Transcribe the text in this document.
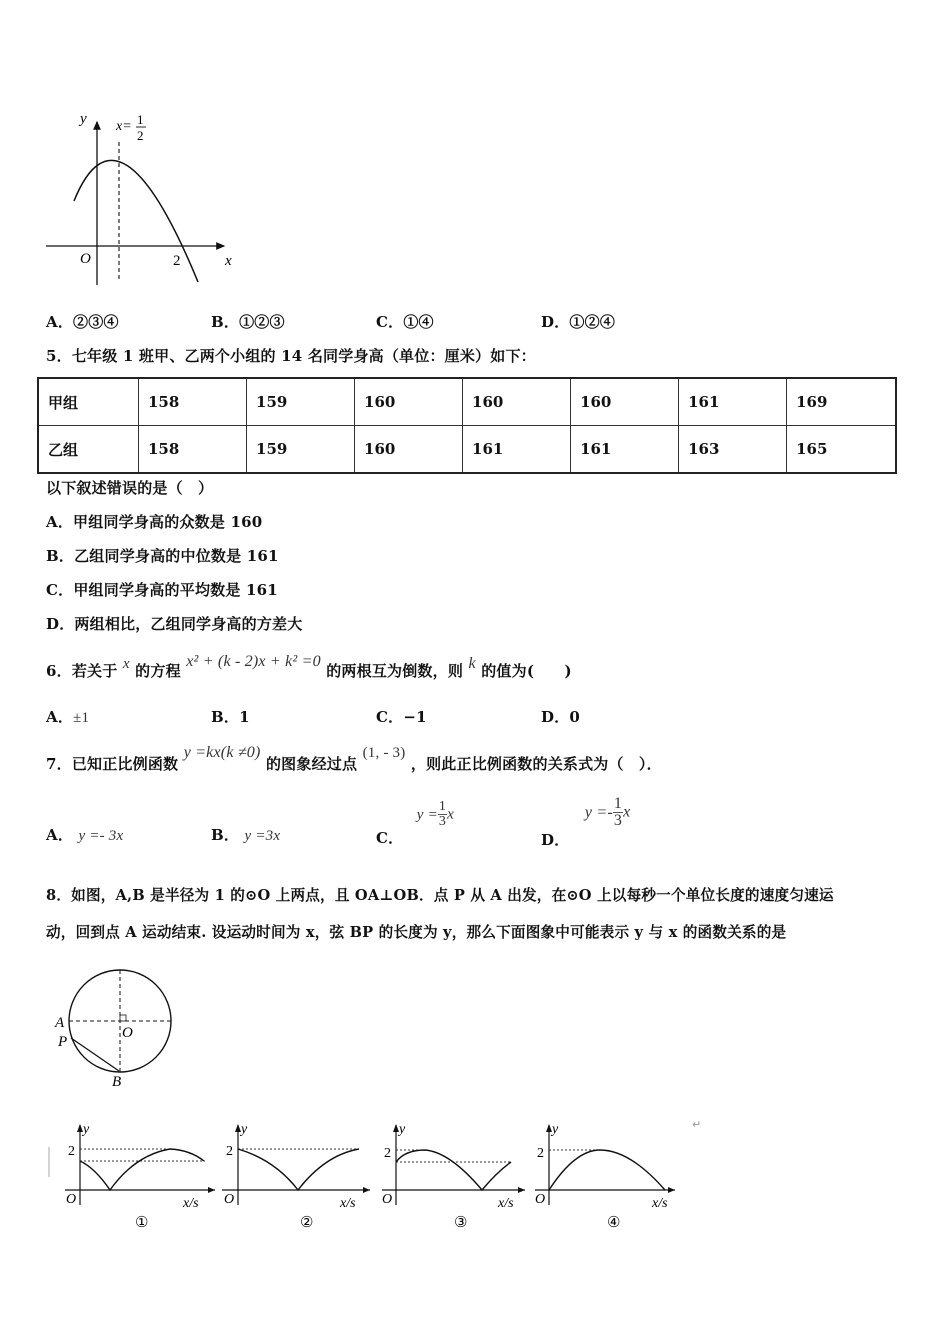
y
x
O	2
x= 1
2
A．②③④	B．①②③	C．①④	D．①②④
5．七年级 1 班甲、乙两个小组的 14 名同学身高（单位：厘米）如下：
甲组	158	159	160	160	160	161	169
乙组	158	159	160	161	161	163	165
以下叙述错误的是（　）
A．甲组同学身高的众数是 160
B．乙组同学身高的中位数是 161
C．甲组同学身高的平均数是 161
D．两组相比，乙组同学身高的方差大
6．若关于 x 的方程 x² + (k - 2)x + k² =0 的两根互为倒数，则 k 的值为(　　)
A．±1	B．1	C．−1	D．0
7．已知正比例函数 y =kx(k ≠0) 的图象经过点 (1, - 3) ，则此正比例函数的关系式为（　）．
A． y =- 3x	B． y =3x	C． $y = \frac{1}{3}$ x
D． $y =- \frac{1}{3}$ x
8．如图，A,B 是半径为 1 的⊙O 上两点，且 OA⊥OB．点 P 从 A 出发，在⊙O 上以每秒一个单位长度的速度匀速运
动，回到点 A 运动结束. 设运动时间为 x，弦 BP 的长度为 y，那么下面图象中可能表示 y 与 x 的函数关系的是
A
O
P
B
y
2
O	x/s
①
y
2
O	x/s
②
y
2
O	x/s
③
y
2
O	x/s
④
↵
